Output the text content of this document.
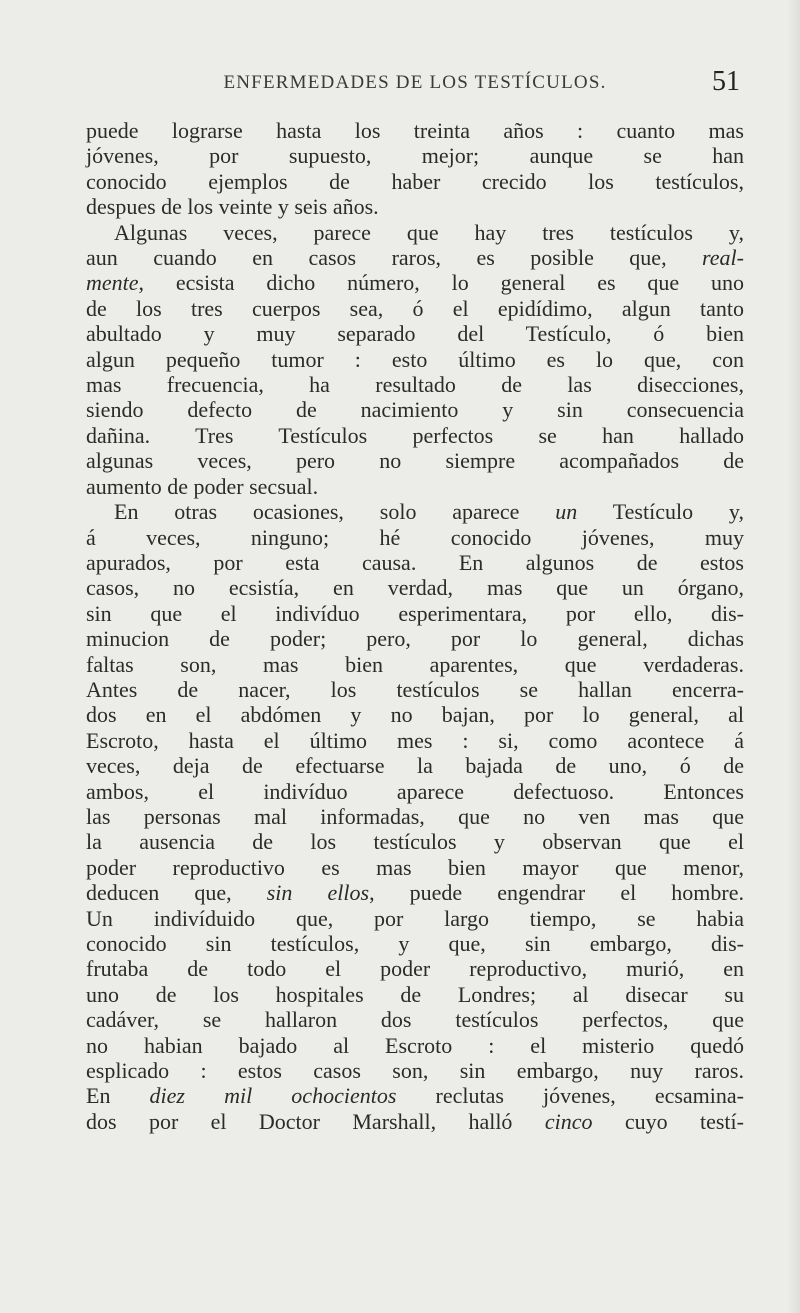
ENFERMEDADES DE LOS TESTÍCULOS.	51
puede lograrse hasta los treinta años : cuanto mas
jóvenes, por supuesto, mejor; aunque se han
conocido ejemplos de haber crecido los testículos,
despues de los veinte y seis años.
Algunas veces, parece que hay tres testículos y,
aun cuando en casos raros, es posible que, real-
mente, ecsista dicho número, lo general es que uno
de los tres cuerpos sea, ó el epidídimo, algun tanto
abultado y muy separado del Testículo, ó bien
algun pequeño tumor : esto último es lo que, con
mas frecuencia, ha resultado de las disecciones,
siendo defecto de nacimiento y sin consecuencia
dañina. Tres Testículos perfectos se han hallado
algunas veces, pero no siempre acompañados de
aumento de poder secsual.
En otras ocasiones, solo aparece un Testículo y,
á veces, ninguno; hé conocido jóvenes, muy
apurados, por esta causa. En algunos de estos
casos, no ecsistía, en verdad, mas que un órgano,
sin que el indivíduo esperimentara, por ello, dis-
minucion de poder; pero, por lo general, dichas
faltas son, mas bien aparentes, que verdaderas.
Antes de nacer, los testículos se hallan encerra-
dos en el abdómen y no bajan, por lo general, al
Escroto, hasta el último mes : si, como acontece á
veces, deja de efectuarse la bajada de uno, ó de
ambos, el indivíduo aparece defectuoso. Entonces
las personas mal informadas, que no ven mas que
la ausencia de los testículos y observan que el
poder reproductivo es mas bien mayor que menor,
deducen que, sin ellos, puede engendrar el hombre.
Un indivíduido que, por largo tiempo, se habia
conocido sin testículos, y que, sin embargo, dis-
frutaba de todo el poder reproductivo, murió, en
uno de los hospitales de Londres; al disecar su
cadáver, se hallaron dos testículos perfectos, que
no habian bajado al Escroto : el misterio quedó
esplicado : estos casos son, sin embargo, nuy raros.
En diez mil ochocientos reclutas jóvenes, ecsamina-
dos por el Doctor Marshall, halló cinco cuyo testí-
